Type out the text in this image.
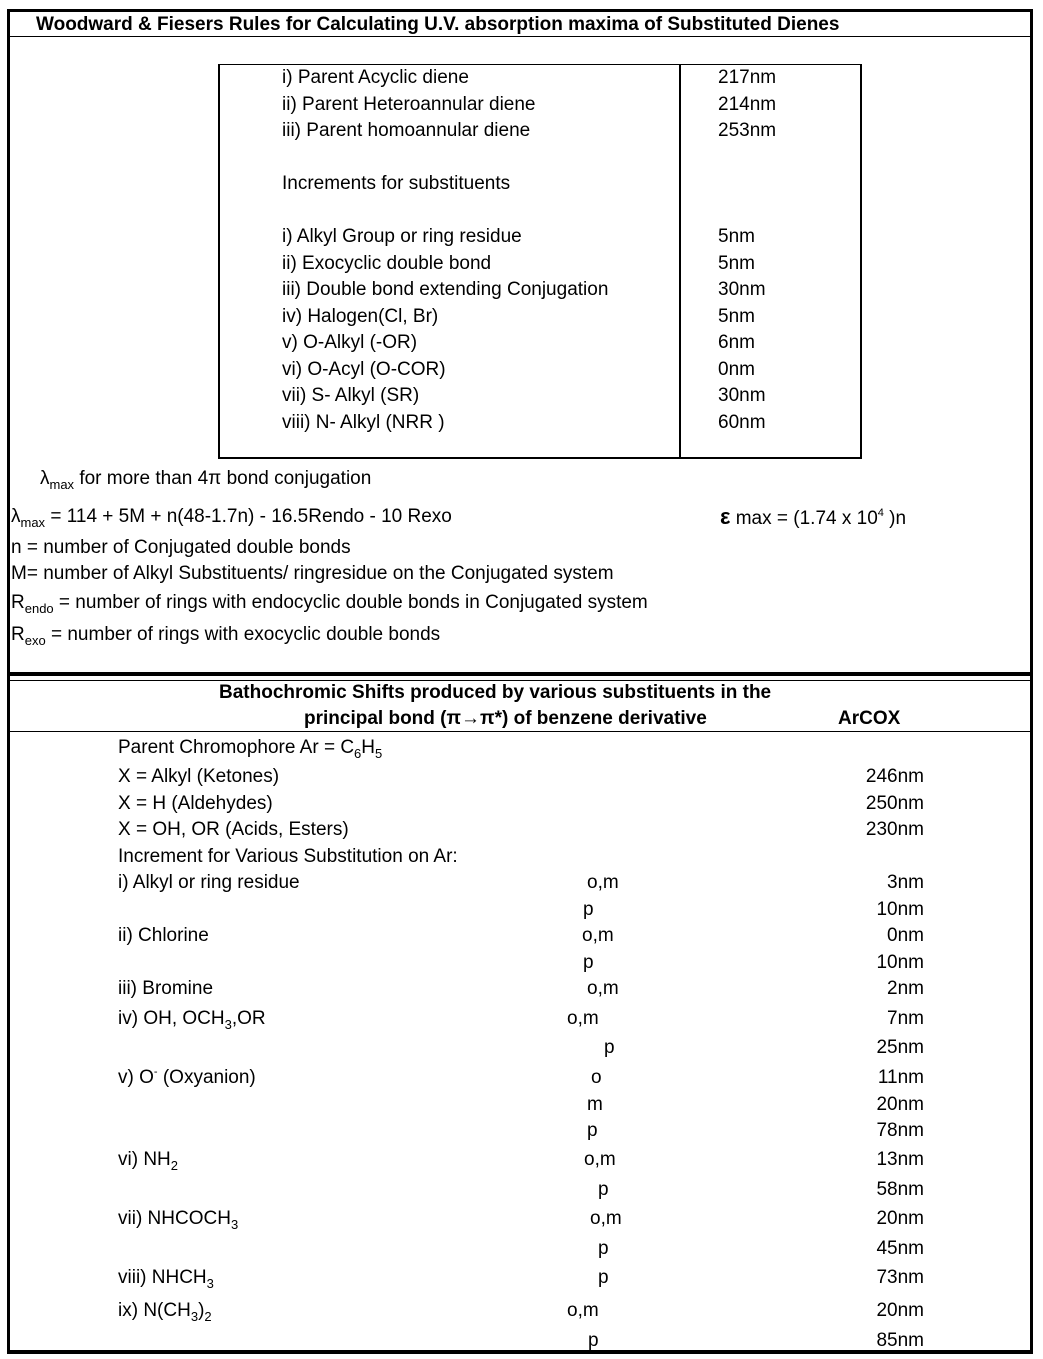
Woodward & Fiesers Rules for Calculating U.V. absorption maxima of Substituted Dienes
i) Parent Acyclic diene	217nm
ii) Parent Heteroannular diene	214nm
iii) Parent homoannular diene	253nm
Increments for substituents
i) Alkyl Group or ring residue	5nm
ii) Exocyclic double bond	5nm
iii) Double bond extending Conjugation	30nm
iv) Halogen(Cl, Br)	5nm
v) O-Alkyl (-OR)	6nm
vi) O-Acyl (O-COR)	0nm
vii) S- Alkyl (SR)	30nm
viii) N- Alkyl (NRR )	60nm
$\lambda_{max}$ for more than 4π bond conjugation
$\lambda_{max} = 114 + 5M + n(48-1.7n)$ - 16.5Rendo - 10 Rexo	ε max = (1.74 x $10^4$ )n
n = number of Conjugated double bonds
M= number of Alkyl Substituents/ ringresidue on the Conjugated system
$R_{endo}$ = number of rings with endocyclic double bonds in Conjugated system
$R_{exo}$ = number of rings with exocyclic double bonds
Bathochromic Shifts produced by various substituents in the
principal bond (π→π*) of benzene derivative	ArCOX
Parent Chromophore $Ar = C_6H_5$
X = Alkyl (Ketones)	246nm
X = H (Aldehydes)	250nm
X = OH, OR (Acids, Esters)	230nm
Increment for Various Substitution on Ar:
i) Alkyl or ring residue	o,m	3nm
p	10nm
ii) Chlorine	o,m	0nm
p	10nm
iii) Bromine	o,m	2nm
iv) OH, $OCH_3,OR$	o,m	7nm
p	25nm
v) O- (Oxyanion)	o	11nm
m	20nm
p	78nm
vi) $NH_2$	o,m	13nm
p	58nm
vii) $NHCOCH_3$	o,m	20nm
p	45nm
viii) $NHCH_3$	p	73nm
ix) $N(CH_3)_2$	o,m	20nm
p	85nm
